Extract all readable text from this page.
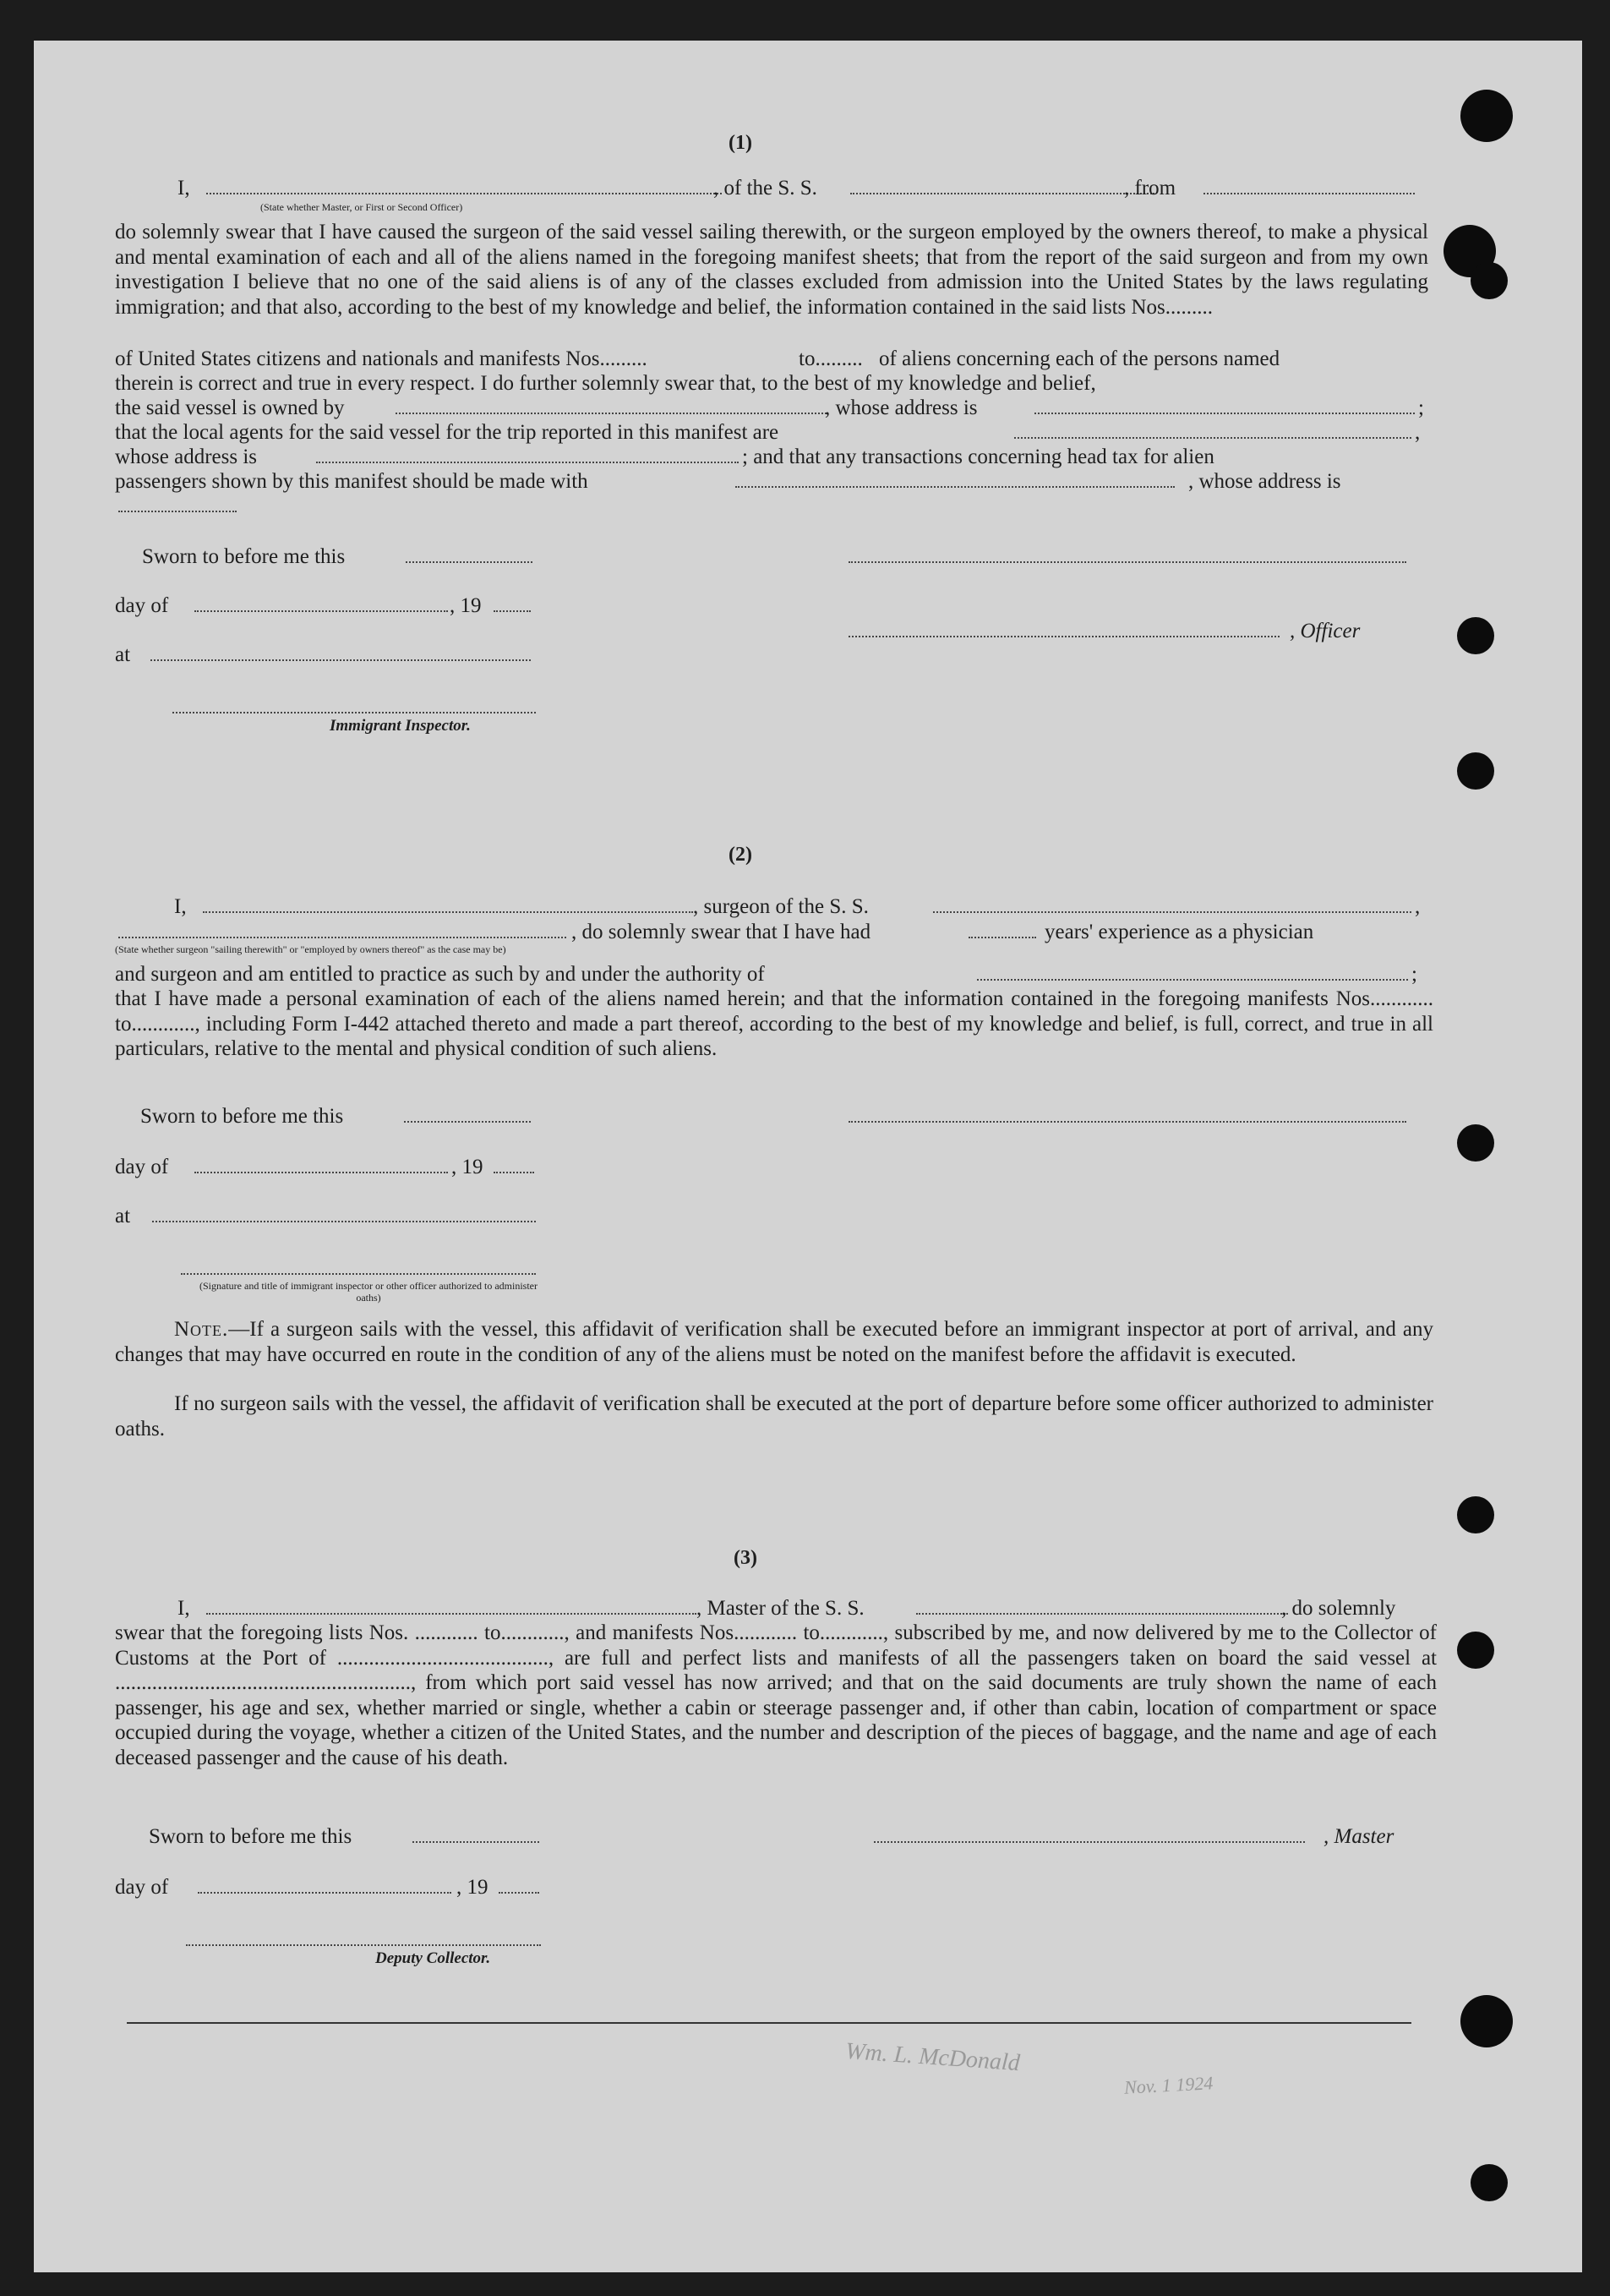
(1)
I,	, of the S. S.	, from
(State whether Master, or First or Second Officer)
do solemnly swear that I have caused the surgeon of the said vessel sailing therewith, or the surgeon employed by the owners thereof, to make a physical and mental examination of each and all of the aliens named in the foregoing manifest sheets; that from the report of the said surgeon and from my own investigation I believe that no one of the said aliens is of any of the classes excluded from admission into the United States by the laws regulating immigration; and that also, according to the best of my knowledge and belief, the information contained in the said lists Nos.........
of United States citizens and nationals and manifests Nos.........	to......... of aliens concerning each of the persons named
therein is correct and true in every respect. I do further solemnly swear that, to the best of my knowledge and belief,
the said vessel is owned by	, whose address is	;
that the local agents for the said vessel for the trip reported in this manifest are	,
whose address is	; and that any transactions concerning head tax for alien
passengers shown by this manifest should be made with	, whose address is
Sworn to before me this
day of	, 19
, Officer
at
Immigrant Inspector.
(2)
I,	, surgeon of the S. S.	,
, do solemnly swear that I have had	years' experience as a physician
(State whether surgeon "sailing therewith" or "employed by owners thereof" as the case may be)
and surgeon and am entitled to practice as such by and under the authority of	;
that I have made a personal examination of each of the aliens named herein; and that the information contained in the foregoing manifests Nos............ to............, including Form I-442 attached thereto and made a part thereof, according to the best of my knowledge and belief, is full, correct, and true in all particulars, relative to the mental and physical condition of such aliens.
Sworn to before me this
day of	, 19
at
(Signature and title of immigrant inspector or other officer authorized to administer oaths)
Note.—If a surgeon sails with the vessel, this affidavit of verification shall be executed before an immigrant inspector at port of arrival, and any changes that may have occurred en route in the condition of any of the aliens must be noted on the manifest before the affidavit is executed.
If no surgeon sails with the vessel, the affidavit of verification shall be executed at the port of departure before some officer authorized to administer oaths.
(3)
I,	, Master of the S. S.	, do solemnly
swear that the foregoing lists Nos. ............ to............, and manifests Nos............ to............, subscribed by me, and now delivered by me to the Collector of Customs at the Port of ........................................, are full and perfect lists and manifests of all the passengers taken on board the said vessel at ........................................................, from which port said vessel has now arrived; and that on the said documents are truly shown the name of each passenger, his age and sex, whether married or single, whether a cabin or steerage passenger and, if other than cabin, location of compartment or space occupied during the voyage, whether a citizen of the United States, and the number and description of the pieces of baggage, and the name and age of each deceased passenger and the cause of his death.
Sworn to before me this	, Master
day of	, 19
Deputy Collector.
Wm. L. McDonald
Nov. 1 1924
